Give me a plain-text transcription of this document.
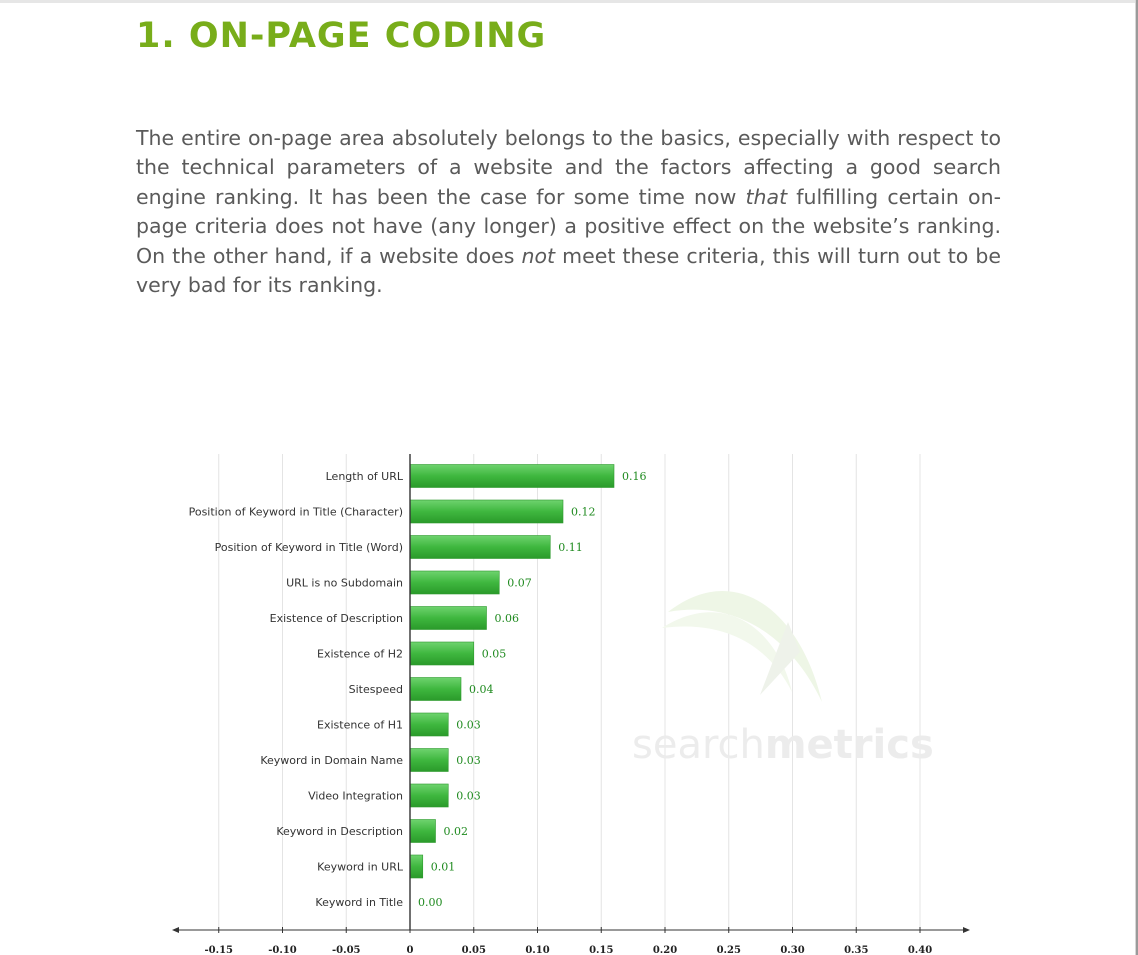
1. ON-PAGE CODING

The entire on-page area absolutely belongs to the basics, especially with respect to the technical parameters of a website and the factors affecting a good search engine ranking. It has been the case for some time now that fulfilling certain on-page criteria does not have (any longer) a positive effect on the website’s ranking. On the other hand, if a website does not meet these criteria, this will turn out to be very bad for its ranking.

searchmetrics
Length of URL	0.16
Position of Keyword in Title (Character)	0.12
Position of Keyword in Title (Word)	0.11
URL is no Subdomain	0.07
Existence of Description	0.06
Existence of H2	0.05
Sitespeed	0.04
Existence of H1	0.03
Keyword in Domain Name	0.03
Video Integration	0.03
Keyword in Description	0.02
Keyword in URL	0.01
Keyword in Title 0.00
-0.15	-0.10	-0.05	0	0.05	0.10	0.15	0.20	0.25	0.30	0.35	0.40
